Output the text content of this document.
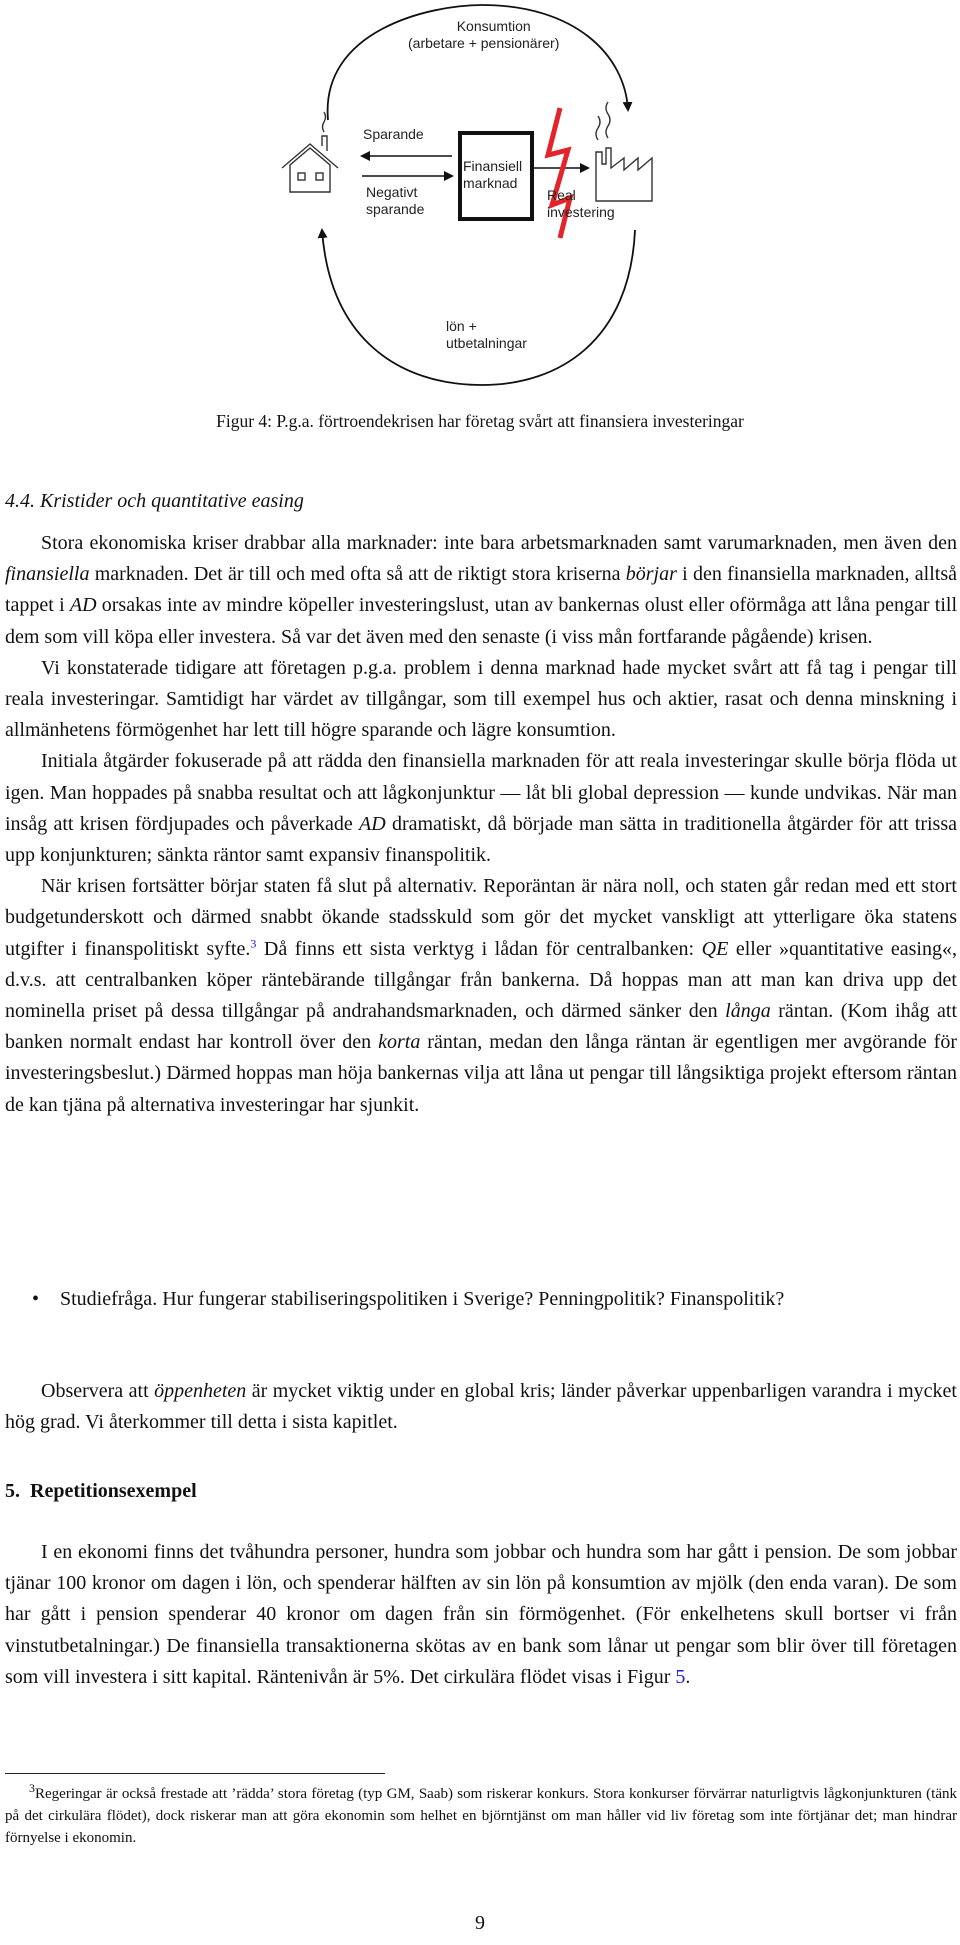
Konsumtion
(arbetare + pensionärer)
Sparande
Negativt
sparande
Finansiell
marknad
Real
investering
lön +
utbetalningar
Figur 4: P.g.a. förtroendekrisen har företag svårt att finansiera investeringar
4.4. Kristider och quantitative easing

Stora ekonomiska kriser drabbar alla marknader: inte bara arbetsmarknaden samt varumarknaden, men även den finansiella marknaden. Det är till och med ofta så att de riktigt stora kriserna börjar i den finansiella marknaden, alltså tappet i AD orsakas inte av mindre köpeller investeringslust, utan av bankernas olust eller oförmåga att låna pengar till dem som vill köpa eller investera. Så var det även med den senaste (i viss mån fortfarande pågående) krisen.

Vi konstaterade tidigare att företagen p.g.a. problem i denna marknad hade mycket svårt att få tag i pengar till reala investeringar. Samtidigt har värdet av tillgångar, som till exempel hus och aktier, rasat och denna minskning i allmänhetens förmögenhet har lett till högre sparande och lägre konsumtion.

Initiala åtgärder fokuserade på att rädda den finansiella marknaden för att reala investeringar skulle börja flöda ut igen. Man hoppades på snabba resultat och att lågkonjunktur — låt bli global depression — kunde undvikas. När man insåg att krisen fördjupades och påverkade AD dramatiskt, då började man sätta in traditionella åtgärder för att trissa upp konjunkturen; sänkta räntor samt expansiv finanspolitik.

När krisen fortsätter börjar staten få slut på alternativ. Reporäntan är nära noll, och staten går redan med ett stort budgetunderskott och därmed snabbt ökande stadsskuld som gör det mycket vanskligt att ytterligare öka statens utgifter i finanspolitiskt syfte.$^3$ Då finns ett sista verktyg i lådan för centralbanken: QE eller »quantitative easing«, d.v.s. att centralbanken köper räntebärande tillgångar från bankerna. Då hoppas man att man kan driva upp det nominella priset på dessa tillgångar på andrahandsmarknaden, och därmed sänker den långa räntan. (Kom ihåg att banken normalt endast har kontroll över den korta räntan, medan den långa räntan är egentligen mer avgörande för investeringsbeslut.) Därmed hoppas man höja bankernas vilja att låna ut pengar till långsiktiga projekt eftersom räntan de kan tjäna på alternativa investeringar har sjunkit.

• Studiefråga. Hur fungerar stabiliseringspolitiken i Sverige? Penningpolitik? Finanspolitik?

Observera att öppenheten är mycket viktig under en global kris; länder påverkar uppenbarligen varandra i mycket hög grad. Vi återkommer till detta i sista kapitlet.

5. Repetitionsexempel

I en ekonomi finns det tvåhundra personer, hundra som jobbar och hundra som har gått i pension. De som jobbar tjänar 100 kronor om dagen i lön, och spenderar hälften av sin lön på konsumtion av mjölk (den enda varan). De som har gått i pension spenderar 40 kronor om dagen från sin förmögenhet. (För enkelhetens skull bortser vi från vinstutbetalningar.) De finansiella transaktionerna skötas av en bank som lånar ut pengar som blir över till företagen som vill investera i sitt kapital. Räntenivån är 5%. Det cirkulära flödet visas i Figur 5.

$^3$Regeringar är också frestade att ’rädda’ stora företag (typ GM, Saab) som riskerar konkurs. Stora konkurser förvärrar naturligtvis lågkonjunkturen (tänk på det cirkulära flödet), dock riskerar man att göra ekonomin som helhet en björntjänst om man håller vid liv företag som inte förtjänar det; man hindrar förnyelse i ekonomin.

9
